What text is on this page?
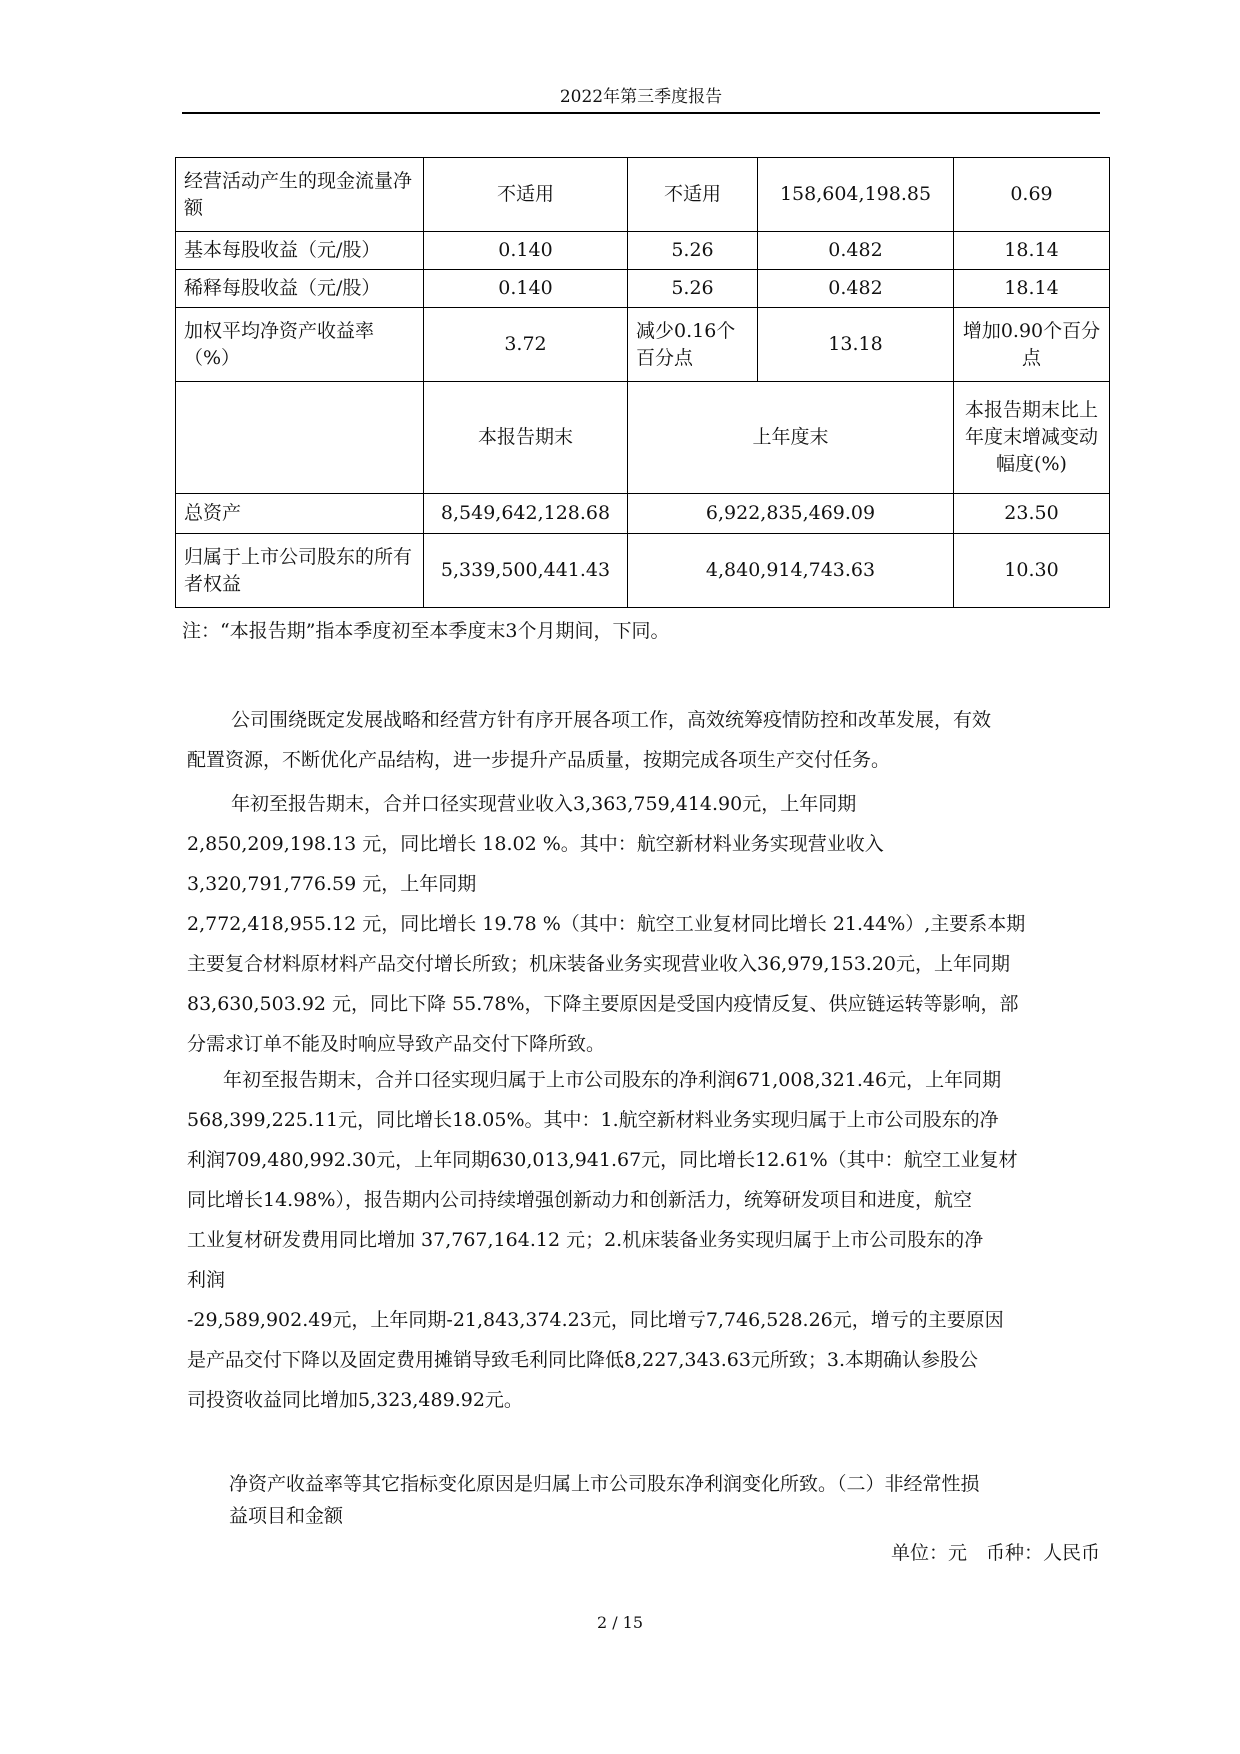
2022年第三季度报告
经营活动产生的现金流量净额	不适用	不适用	158,604,198.85	0.69
基本每股收益（元/股）	0.140	5.26	0.482	18.14
稀释每股收益（元/股）	0.140	5.26	0.482	18.14
加权平均净资产收益率（%）	3.72	减少0.16个百分点	13.18	增加0.90个百分点
	本报告期末	上年度末		本报告期末比上年度末增减变动幅度(%)
总资产	8,549,642,128.68	6,922,835,469.09		23.50
归属于上市公司股东的所有者权益	5,339,500,441.43	4,840,914,743.63		10.30
注：“本报告期”指本季度初至本季度末3个月期间，下同。
公司围绕既定发展战略和经营方针有序开展各项工作，高效统筹疫情防控和改革发展，有效
配置资源，不断优化产品结构，进一步提升产品质量，按期完成各项生产交付任务。
年初至报告期末，合并口径实现营业收入3,363,759,414.90元，上年同期
2,850,209,198.13 元，同比增长 18.02 %。其中：航空新材料业务实现营业收入
3,320,791,776.59 元，上年同期
2,772,418,955.12 元，同比增长 19.78 %（其中：航空工业复材同比增长 21.44%）,主要系本期
主要复合材料原材料产品交付增长所致；机床装备业务实现营业收入36,979,153.20元，上年同期
83,630,503.92 元，同比下降 55.78%，下降主要原因是受国内疫情反复、供应链运转等影响，部
分需求订单不能及时响应导致产品交付下降所致。
年初至报告期末，合并口径实现归属于上市公司股东的净利润671,008,321.46元，上年同期
568,399,225.11元，同比增长18.05%。其中：1.航空新材料业务实现归属于上市公司股东的净
利润709,480,992.30元，上年同期630,013,941.67元，同比增长12.61%（其中：航空工业复材
同比增长14.98%），报告期内公司持续增强创新动力和创新活力，统筹研发项目和进度，航空
工业复材研发费用同比增加 37,767,164.12 元；2.机床装备业务实现归属于上市公司股东的净
利润
-29,589,902.49元，上年同期-21,843,374.23元，同比增亏7,746,528.26元，增亏的主要原因
是产品交付下降以及固定费用摊销导致毛利同比降低8,227,343.63元所致；3.本期确认参股公
司投资收益同比增加5,323,489.92元。
净资产收益率等其它指标变化原因是归属上市公司股东净利润变化所致。（二）非经常性损
益项目和金额
单位：元　币种：人民币
2 / 15
